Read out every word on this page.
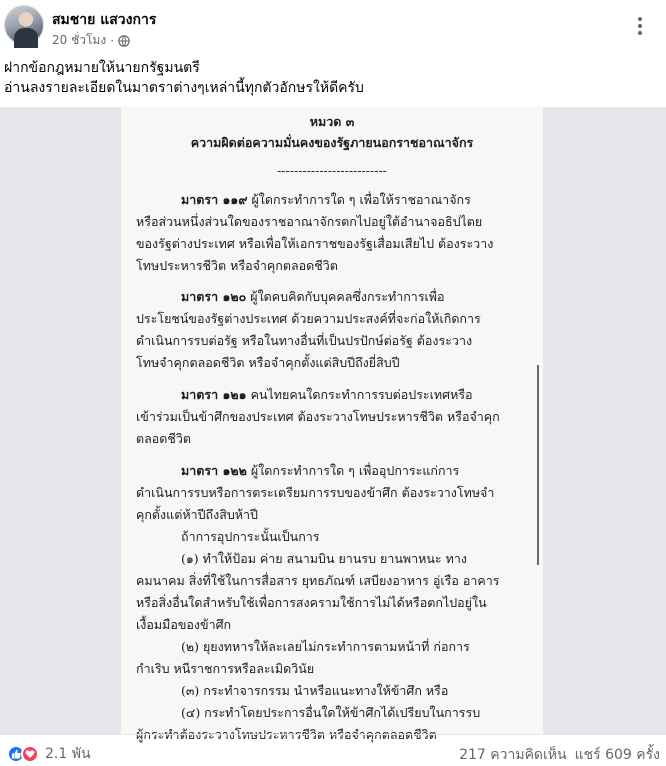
สมชาย แสวงการ
20 ชั่วโมง ·
ฝากข้อกฎหมายให้นายกรัฐมนตรี
อ่านลงรายละเอียดในมาตราต่างๆเหล่านี้ทุกตัวอักษรให้ดีครับ
หมวด ๓
ความผิดต่อความมั่นคงของรัฐภายนอกราชอาณาจักร
--------------------------
มาตรา ๑๑๙ ผู้ใดกระทำการใด ๆ เพื่อให้ราชอาณาจักร
หรือส่วนหนึ่งส่วนใดของราชอาณาจักรตกไปอยู่ใต้อำนาจอธิปไตย
ของรัฐต่างประเทศ หรือเพื่อให้เอกราชของรัฐเสื่อมเสียไป ต้องระวาง
โทษประหารชีวิต หรือจำคุกตลอดชีวิต
มาตรา ๑๒๐ ผู้ใดคบคิดกับบุคคลซึ่งกระทำการเพื่อ
ประโยชน์ของรัฐต่างประเทศ ด้วยความประสงค์ที่จะก่อให้เกิดการ
ดำเนินการรบต่อรัฐ หรือในทางอื่นที่เป็นปรปักษ์ต่อรัฐ ต้องระวาง
โทษจำคุกตลอดชีวิต หรือจำคุกตั้งแต่สิบปีถึงยี่สิบปี
มาตรา ๑๒๑ คนไทยคนใดกระทำการรบต่อประเทศหรือ
เข้าร่วมเป็นข้าศึกของประเทศ ต้องระวางโทษประหารชีวิต หรือจำคุก
ตลอดชีวิต
มาตรา ๑๒๒ ผู้ใดกระทำการใด ๆ เพื่ออุปการะแก่การ
ดำเนินการรบหรือการตระเตรียมการรบของข้าศึก ต้องระวางโทษจำ
คุกตั้งแต่ห้าปีถึงสิบห้าปี
ถ้าการอุปการะนั้นเป็นการ
(๑) ทำให้ป้อม ค่าย สนามบิน ยานรบ ยานพาหนะ ทาง
คมนาคม สิ่งที่ใช้ในการสื่อสาร ยุทธภัณฑ์ เสบียงอาหาร อู่เรือ อาคาร
หรือสิ่งอื่นใดสำหรับใช้เพื่อการสงครามใช้การไม่ได้หรือตกไปอยู่ใน
เงื้อมมือของข้าศึก
(๒) ยุยงทหารให้ละเลยไม่กระทำการตามหน้าที่ ก่อการ
กำเริบ หนีราชการหรือละเมิดวินัย
(๓) กระทำจารกรรม นำหรือแนะทางให้ข้าศึก หรือ
(๔) กระทำโดยประการอื่นใดให้ข้าศึกได้เปรียบในการรบ
ผู้กระทำต้องระวางโทษประหารชีวิต หรือจำคุกตลอดชีวิต
2.1 พัน	217 ความคิดเห็น แชร์ 609 ครั้ง
